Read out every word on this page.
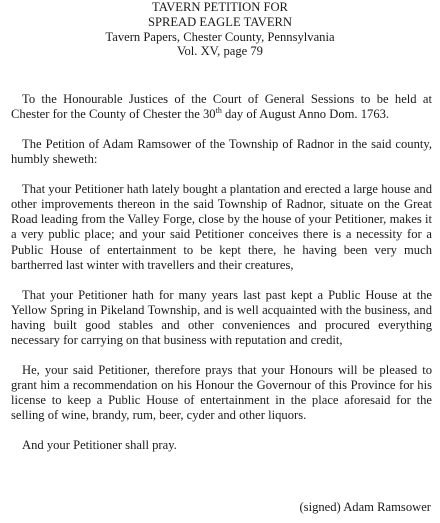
TAVERN PETITION FOR
SPREAD EAGLE TAVERN
Tavern Papers, Chester County, Pennsylvania
Vol. XV, page 79

To the Honourable Justices of the Court of General Sessions to be held at Chester for the County of Chester the 30th day of August Anno Dom. 1763.

The Petition of Adam Ramsower of the Township of Radnor in the said county, humbly sheweth:

That your Petitioner hath lately bought a plantation and erected a large house and other improvements thereon in the said Township of Radnor, situate on the Great Road leading from the Valley Forge, close by the house of your Petitioner, makes it a very public place; and your said Petitioner conceives there is a necessity for a Public House of entertainment to be kept there, he having been very much bartherred last winter with travellers and their creatures,

That your Petitioner hath for many years last past kept a Public House at the Yellow Spring in Pikeland Township, and is well acquainted with the business, and having built good stables and other conveniences and procured everything necessary for carrying on that business with reputation and credit,

He, your said Petitioner, therefore prays that your Honours will be pleased to grant him a recommendation on his Honour the Governour of this Province for his license to keep a Public House of entertainment in the place aforesaid for the selling of wine, brandy, rum, beer, cyder and other liquors.

And your Petitioner shall pray.

(signed) Adam Ramsower
